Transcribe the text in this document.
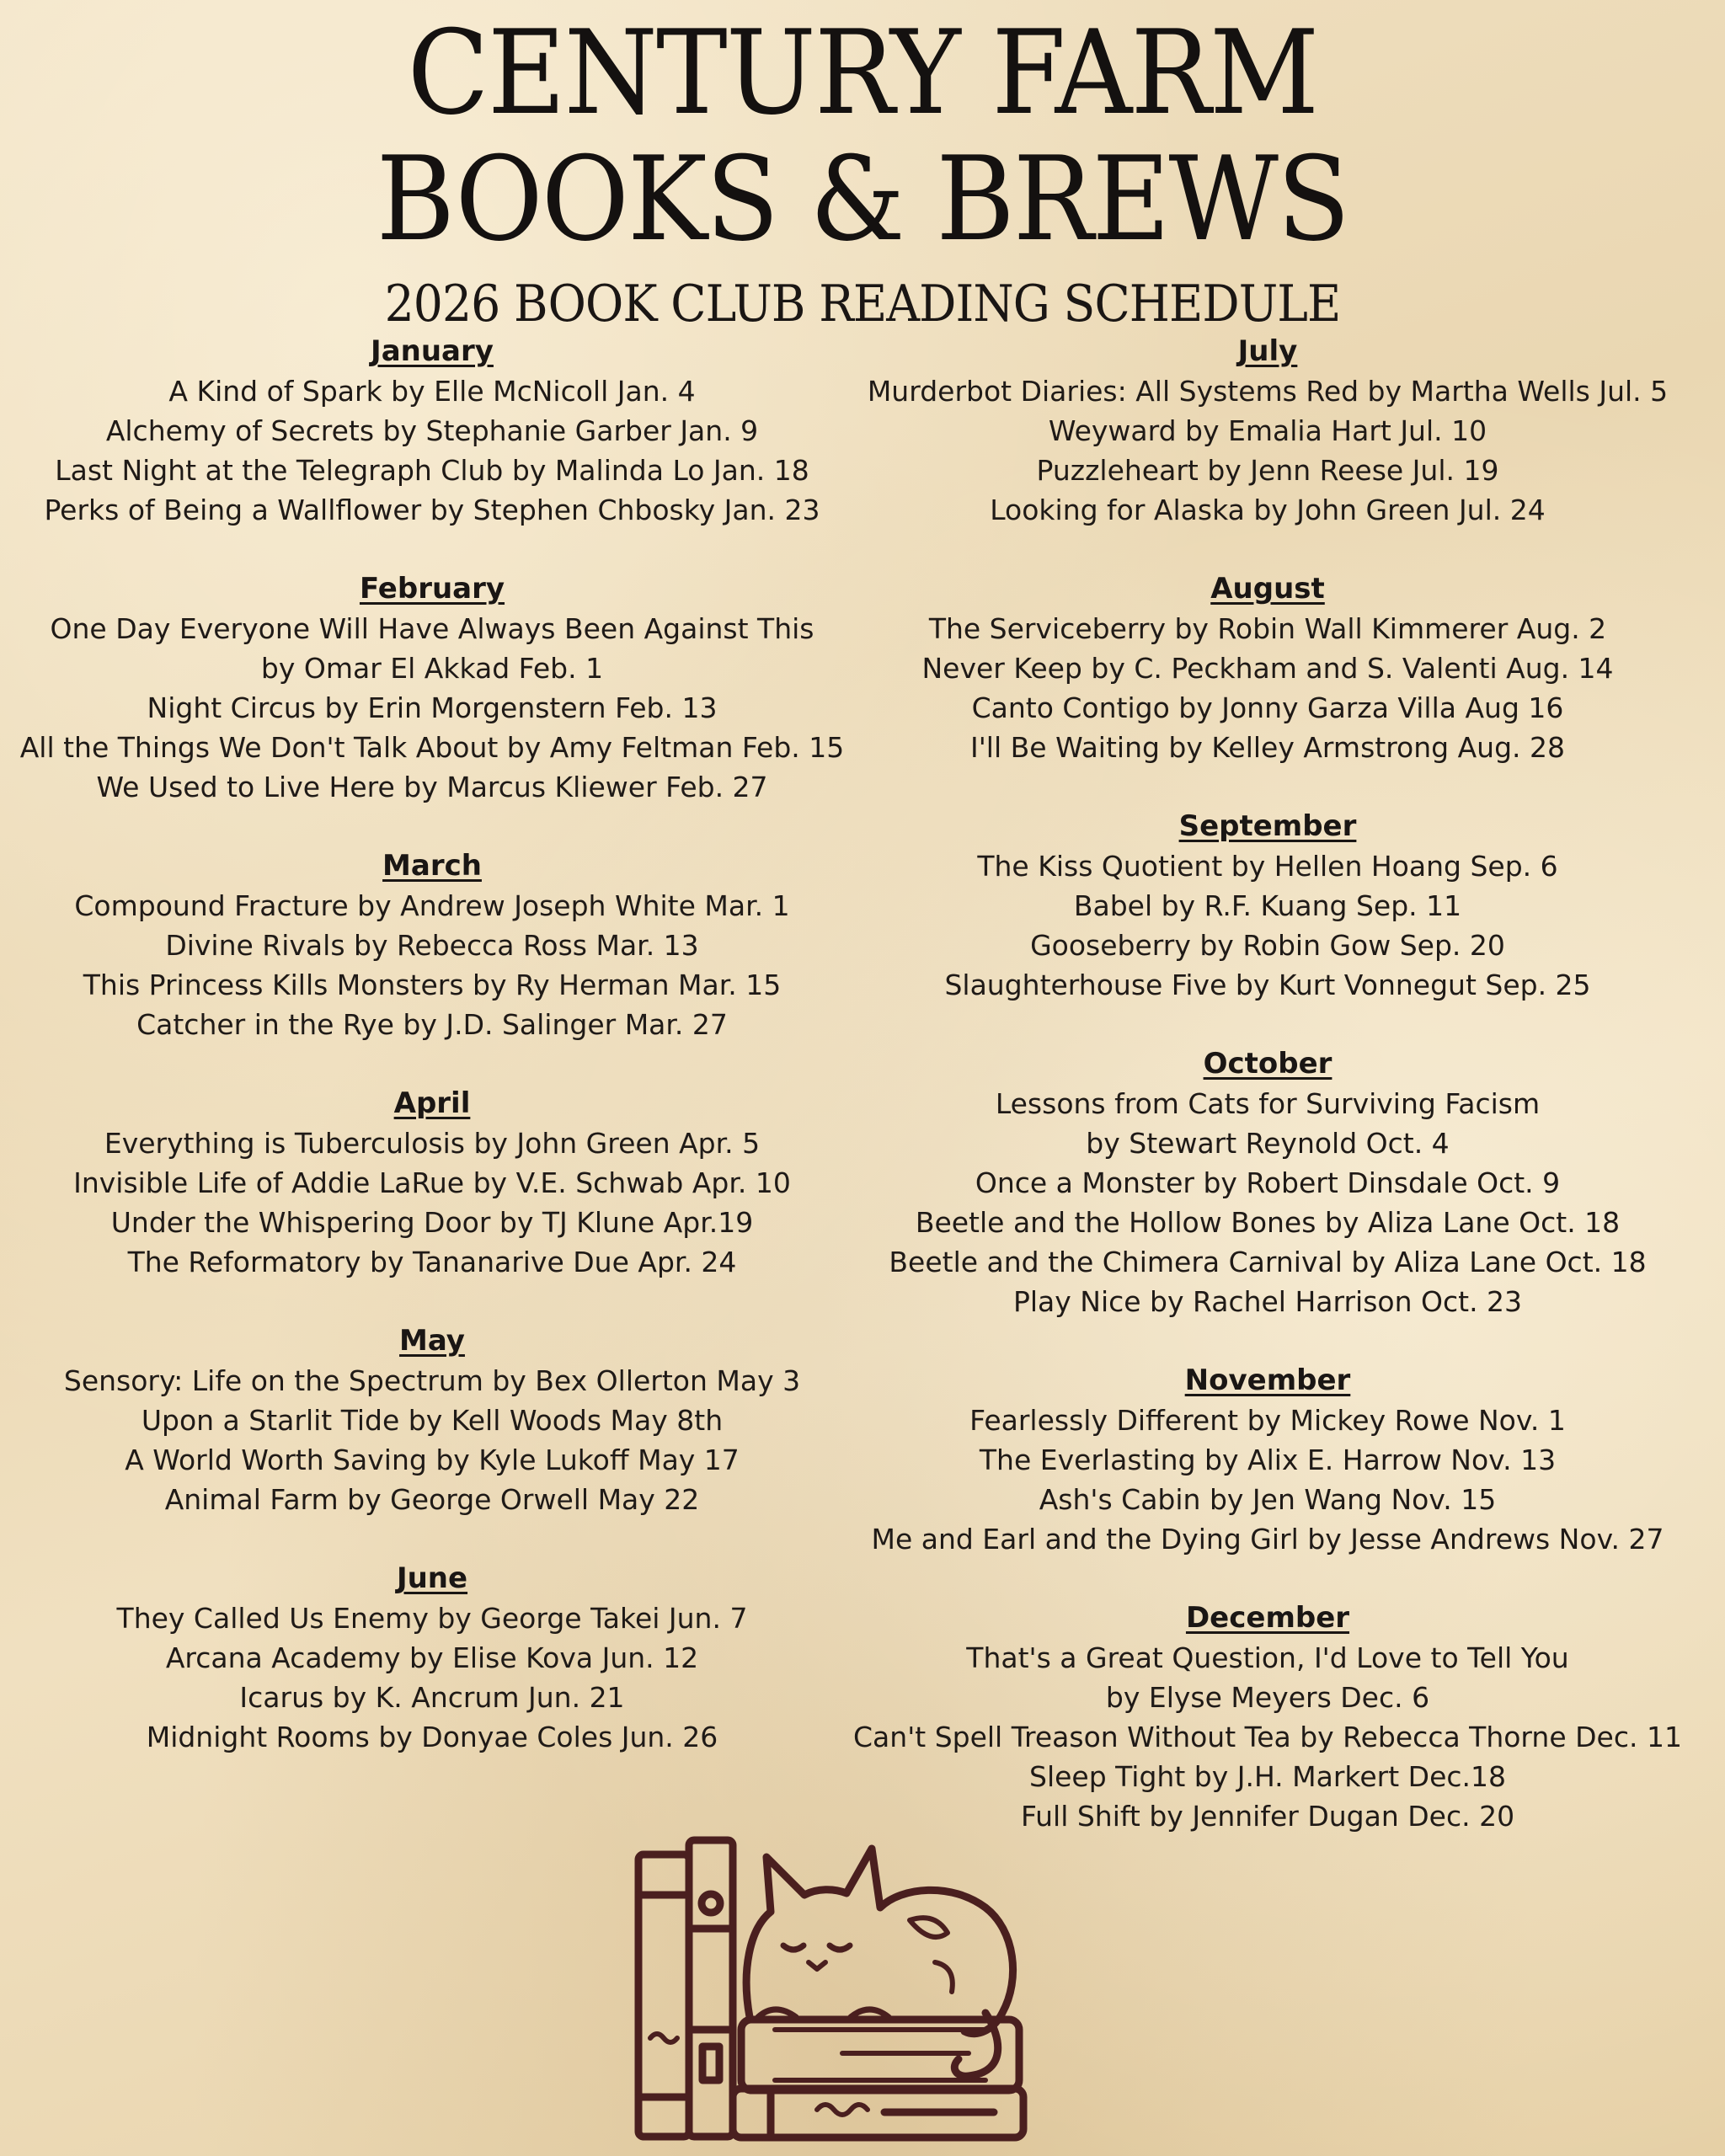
CENTURY FARM
BOOKS & BREWS
2026 BOOK CLUB READING SCHEDULE
January
A Kind of Spark by Elle McNicoll Jan. 4
Alchemy of Secrets by Stephanie Garber Jan. 9
Last Night at the Telegraph Club by Malinda Lo Jan. 18
Perks of Being a Wallflower by Stephen Chbosky Jan. 23
February
One Day Everyone Will Have Always Been Against This
by Omar El Akkad Feb. 1
Night Circus by Erin Morgenstern Feb. 13
All the Things We Don't Talk About by Amy Feltman Feb. 15
We Used to Live Here by Marcus Kliewer Feb. 27
March
Compound Fracture by Andrew Joseph White Mar. 1
Divine Rivals by Rebecca Ross Mar. 13
This Princess Kills Monsters by Ry Herman Mar. 15
Catcher in the Rye by J.D. Salinger Mar. 27
April
Everything is Tuberculosis by John Green Apr. 5
Invisible Life of Addie LaRue by V.E. Schwab Apr. 10
Under the Whispering Door by TJ Klune Apr.19
The Reformatory by Tananarive Due Apr. 24
May
Sensory: Life on the Spectrum by Bex Ollerton May 3
Upon a Starlit Tide by Kell Woods May 8th
A World Worth Saving by Kyle Lukoff May 17
Animal Farm by George Orwell May 22
June
They Called Us Enemy by George Takei Jun. 7
Arcana Academy by Elise Kova Jun. 12
Icarus by K. Ancrum Jun. 21
Midnight Rooms by Donyae Coles Jun. 26
July
Murderbot Diaries: All Systems Red by Martha Wells Jul. 5
Weyward by Emalia Hart Jul. 10
Puzzleheart by Jenn Reese Jul. 19
Looking for Alaska by John Green Jul. 24
August
The Serviceberry by Robin Wall Kimmerer Aug. 2
Never Keep by C. Peckham and S. Valenti Aug. 14
Canto Contigo by Jonny Garza Villa Aug 16
I'll Be Waiting by Kelley Armstrong Aug. 28
September
The Kiss Quotient by Hellen Hoang Sep. 6
Babel by R.F. Kuang Sep. 11
Gooseberry by Robin Gow Sep. 20
Slaughterhouse Five by Kurt Vonnegut Sep. 25
October
Lessons from Cats for Surviving Facism
by Stewart Reynold Oct. 4
Once a Monster by Robert Dinsdale Oct. 9
Beetle and the Hollow Bones by Aliza Lane Oct. 18
Beetle and the Chimera Carnival by Aliza Lane Oct. 18
Play Nice by Rachel Harrison Oct. 23
November
Fearlessly Different by Mickey Rowe Nov. 1
The Everlasting by Alix E. Harrow Nov. 13
Ash's Cabin by Jen Wang Nov. 15
Me and Earl and the Dying Girl by Jesse Andrews Nov. 27
December
That's a Great Question, I'd Love to Tell You
by Elyse Meyers Dec. 6
Can't Spell Treason Without Tea by Rebecca Thorne Dec. 11
Sleep Tight by J.H. Markert Dec.18
Full Shift by Jennifer Dugan Dec. 20
